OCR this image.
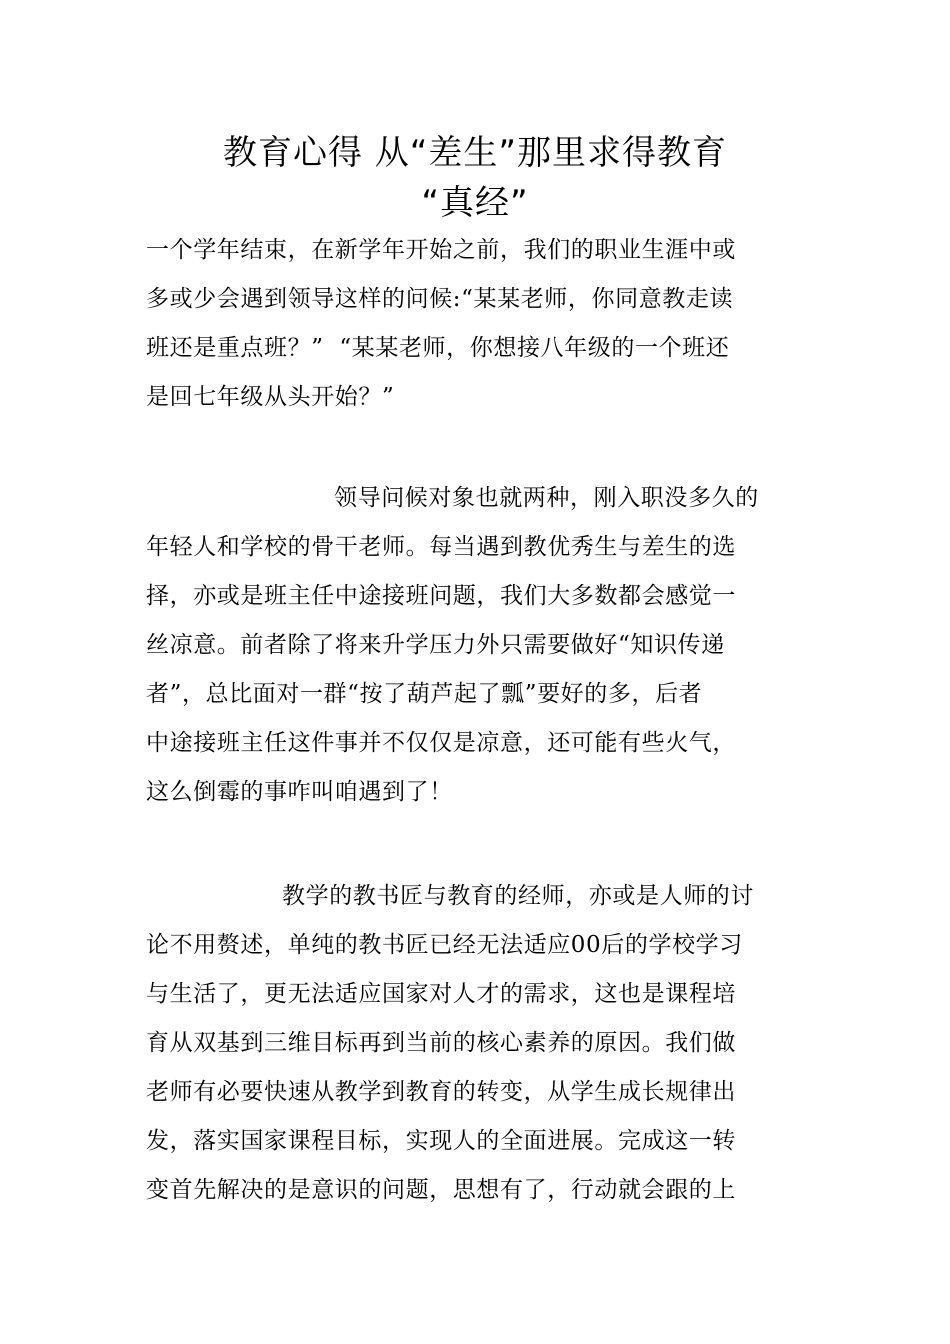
教育心得 从“差生”那里求得教育
“真经”
一个学年结束，在新学年开始之前，我们的职业生涯中或
多或少会遇到领导这样的问候:“某某老师，你同意教走读
班还是重点班？”  “某某老师，你想接八年级的一个班还
是回七年级从头开始？”
领导问候对象也就两种，刚入职没多久的
年轻人和学校的骨干老师。每当遇到教优秀生与差生的选
择，亦或是班主任中途接班问题，我们大多数都会感觉一
丝凉意。前者除了将来升学压力外只需要做好“知识传递
者”，总比面对一群“按了葫芦起了瓢”要好的多，后者
中途接班主任这件事并不仅仅是凉意，还可能有些火气，
这么倒霉的事咋叫咱遇到了！
教学的教书匠与教育的经师，亦或是人师的讨
论不用赘述，单纯的教书匠已经无法适应00后的学校学习
与生活了，更无法适应国家对人才的需求，这也是课程培
育从双基到三维目标再到当前的核心素养的原因。我们做
老师有必要快速从教学到教育的转变，从学生成长规律出
发，落实国家课程目标，实现人的全面进展。完成这一转
变首先解决的是意识的问题，思想有了，行动就会跟的上
